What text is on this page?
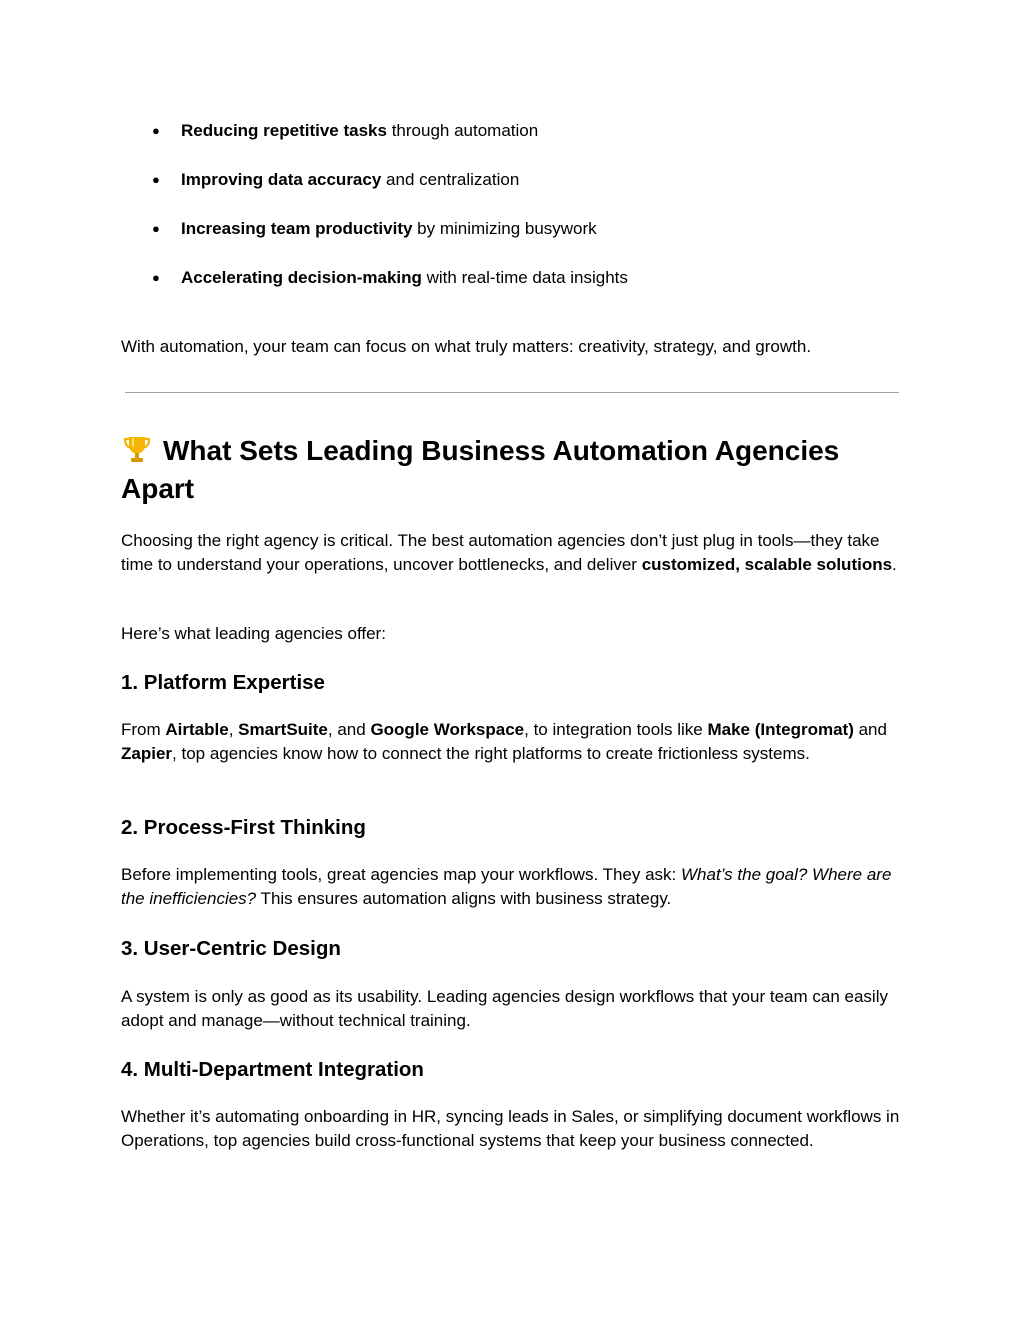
● Reducing repetitive tasks through automation
● Improving data accuracy and centralization
● Increasing team productivity by minimizing busywork
● Accelerating decision-making with real-time data insights

With automation, your team can focus on what truly matters: creativity, strategy, and growth.

What Sets Leading Business Automation Agencies Apart

Choosing the right agency is critical. The best automation agencies don’t just plug in tools—they take time to understand your operations, uncover bottlenecks, and deliver customized, scalable solutions.

Here’s what leading agencies offer:

1. Platform Expertise

From Airtable, SmartSuite, and Google Workspace, to integration tools like Make (Integromat) and Zapier, top agencies know how to connect the right platforms to create frictionless systems.

2. Process-First Thinking

Before implementing tools, great agencies map your workflows. They ask: What’s the goal? Where are the inefficiencies? This ensures automation aligns with business strategy.

3. User-Centric Design

A system is only as good as its usability. Leading agencies design workflows that your team can easily adopt and manage—without technical training.

4. Multi-Department Integration

Whether it’s automating onboarding in HR, syncing leads in Sales, or simplifying document workflows in Operations, top agencies build cross-functional systems that keep your business connected.
